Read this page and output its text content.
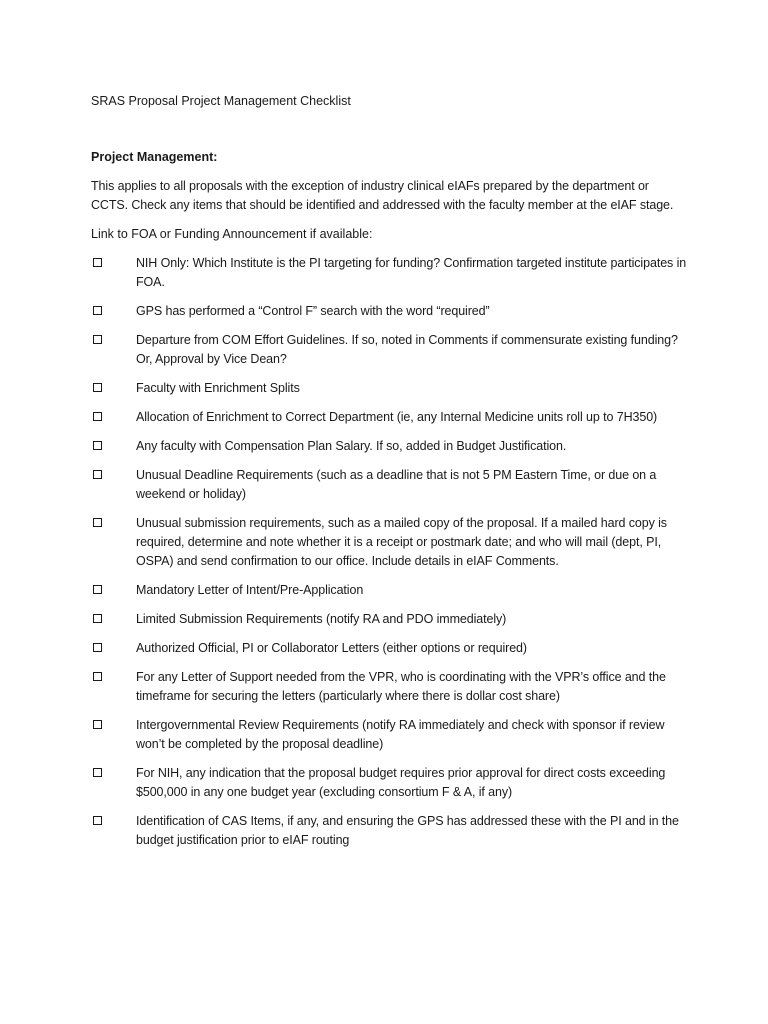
SRAS Proposal Project Management Checklist
Project Management:
This applies to all proposals with the exception of industry clinical eIAFs prepared by the department or CCTS. Check any items that should be identified and addressed with the faculty member at the eIAF stage.
Link to FOA or Funding Announcement if available:
NIH Only: Which Institute is the PI targeting for funding? Confirmation targeted institute participates in FOA.
GPS has performed a “Control F” search with the word “required”
Departure from COM Effort Guidelines. If so, noted in Comments if commensurate existing funding? Or, Approval by Vice Dean?
Faculty with Enrichment Splits
Allocation of Enrichment to Correct Department (ie, any Internal Medicine units roll up to 7H350)
Any faculty with Compensation Plan Salary. If so, added in Budget Justification.
Unusual Deadline Requirements (such as a deadline that is not 5 PM Eastern Time, or due on a weekend or holiday)
Unusual submission requirements, such as a mailed copy of the proposal. If a mailed hard copy is required, determine and note whether it is a receipt or postmark date; and who will mail (dept, PI, OSPA) and send confirmation to our office. Include details in eIAF Comments.
Mandatory Letter of Intent/Pre-Application
Limited Submission Requirements (notify RA and PDO immediately)
Authorized Official, PI or Collaborator Letters (either options or required)
For any Letter of Support needed from the VPR, who is coordinating with the VPR’s office and the timeframe for securing the letters (particularly where there is dollar cost share)
Intergovernmental Review Requirements (notify RA immediately and check with sponsor if review won’t be completed by the proposal deadline)
For NIH, any indication that the proposal budget requires prior approval for direct costs exceeding $500,000 in any one budget year (excluding consortium F & A, if any)
Identification of CAS Items, if any, and ensuring the GPS has addressed these with the PI and in the budget justification prior to eIAF routing
